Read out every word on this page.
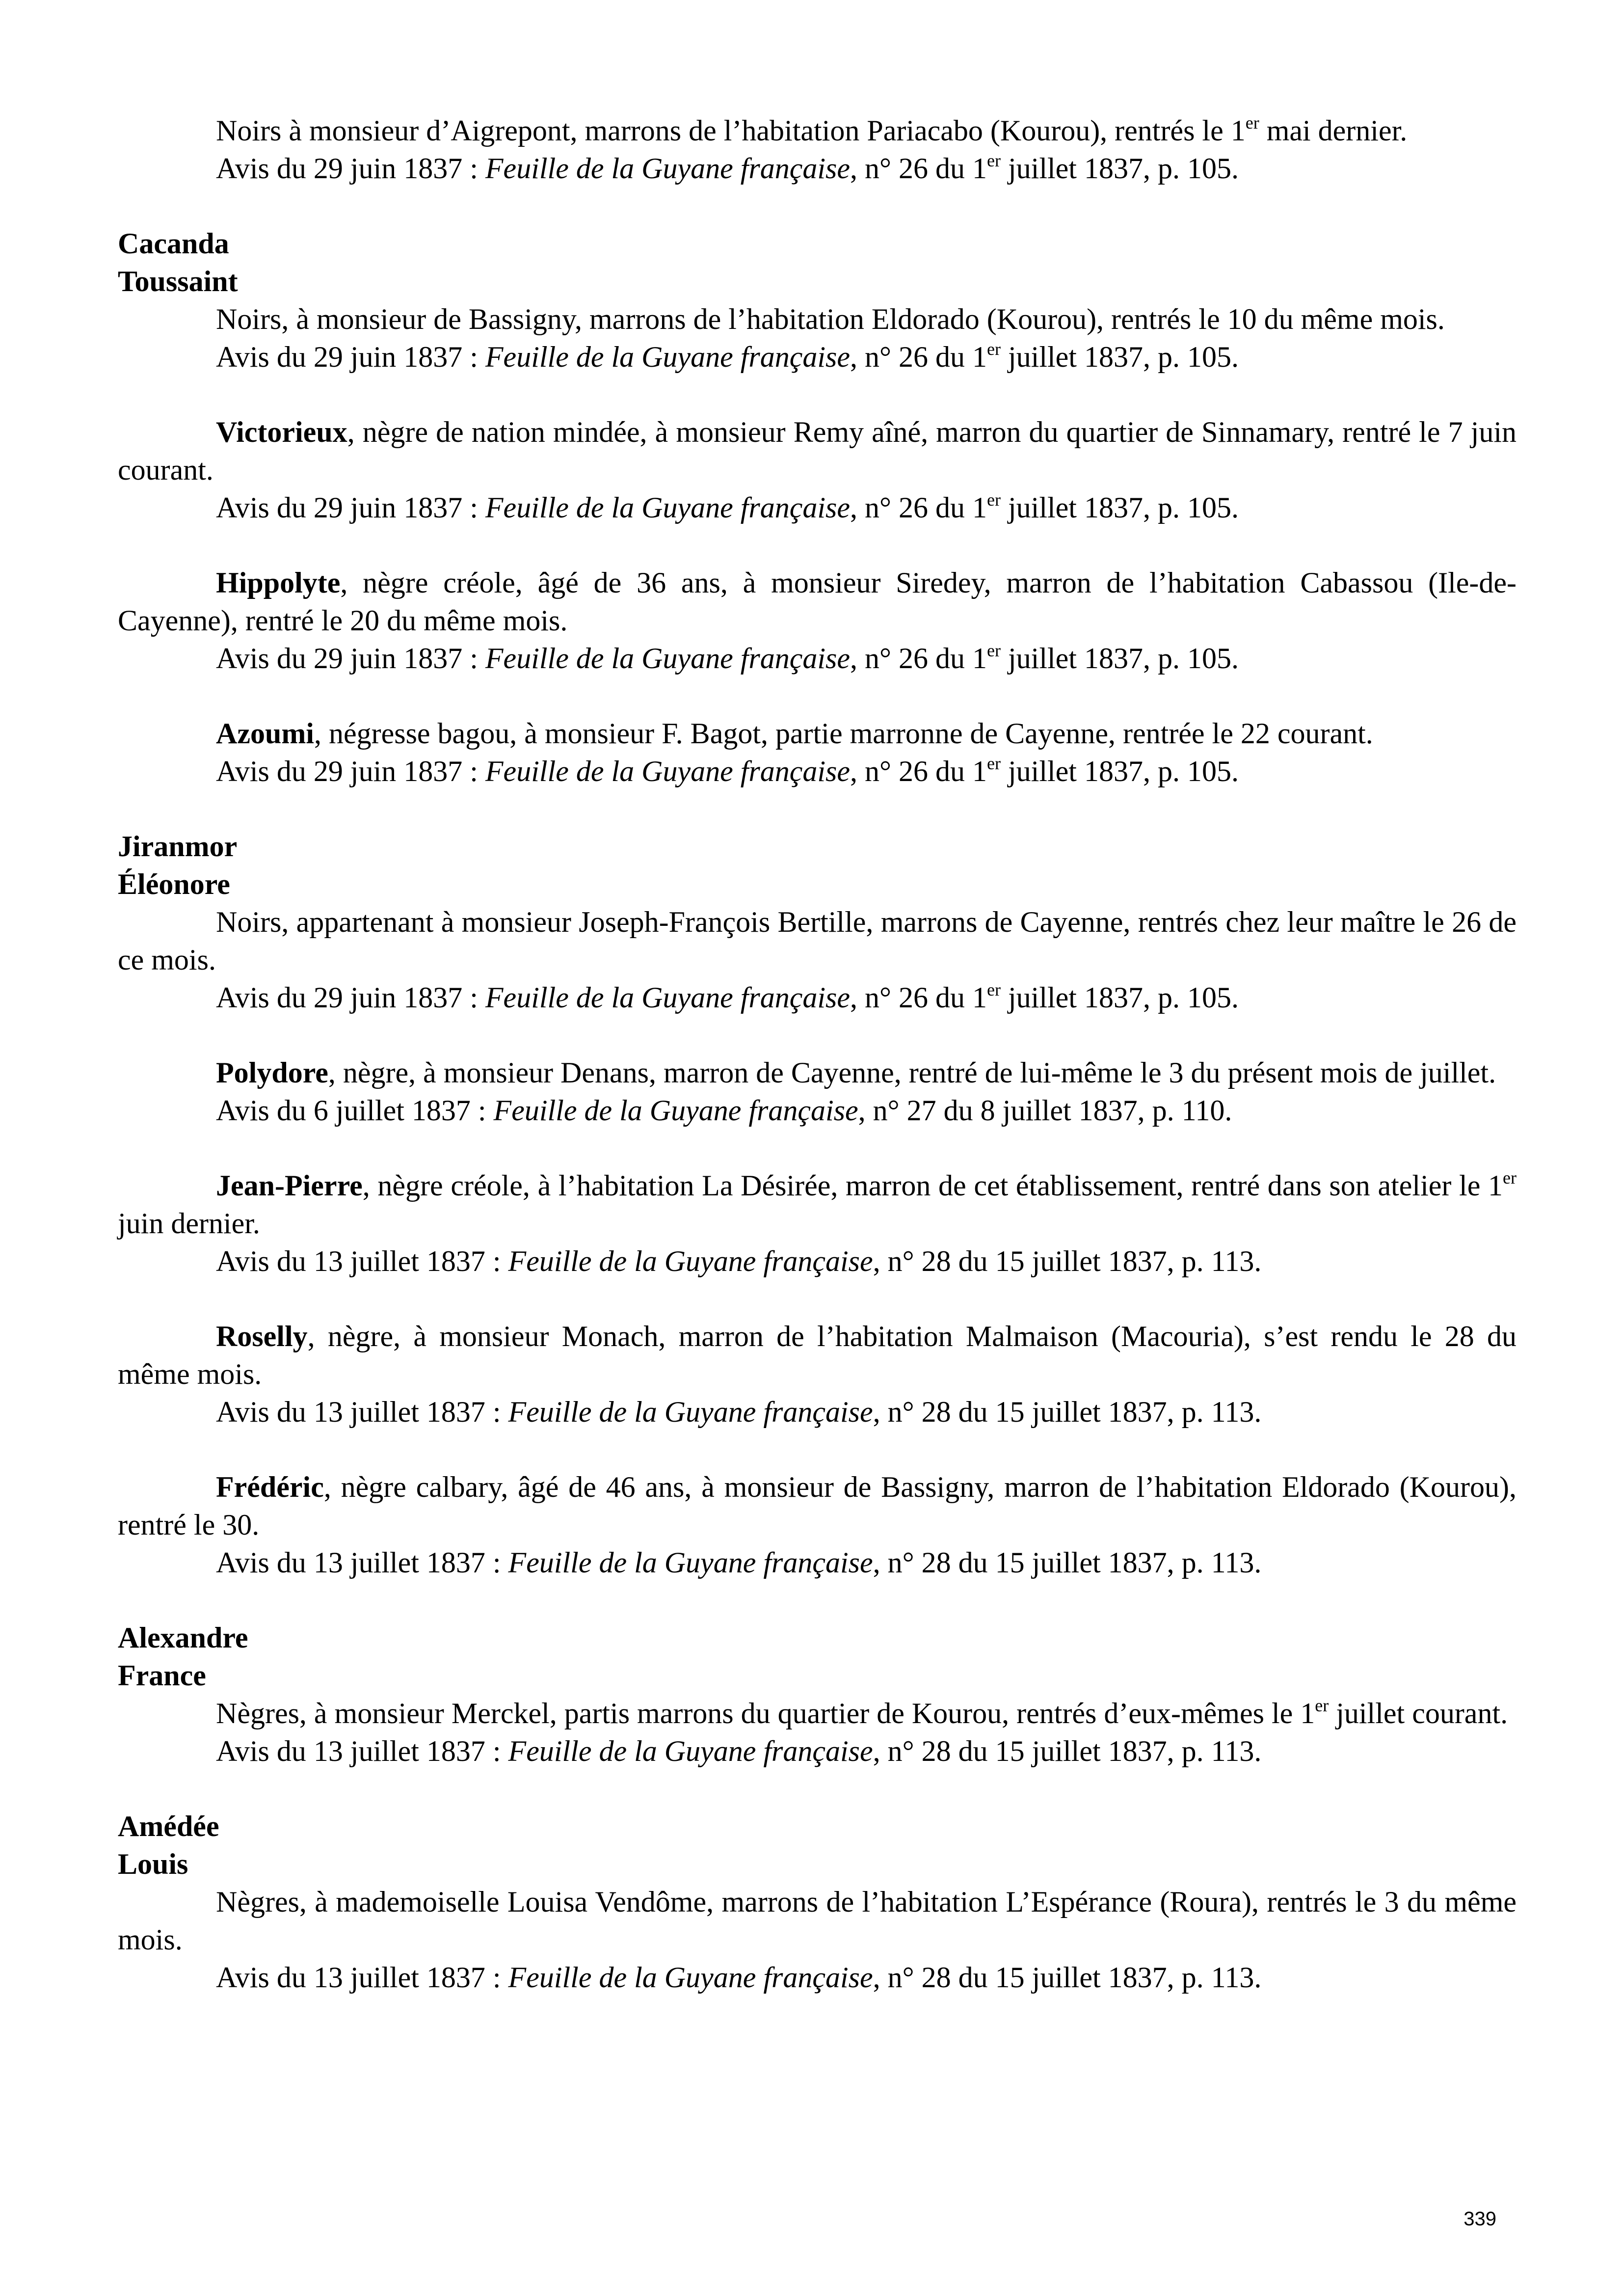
Noirs à monsieur d’Aigrepont, marrons de l’habitation Pariacabo (Kourou), rentrés le 1er mai dernier.

Avis du 29 juin 1837 : Feuille de la Guyane française, n° 26 du 1er juillet 1837, p. 105.

Cacanda

Toussaint

Noirs, à monsieur de Bassigny, marrons de l’habitation Eldorado (Kourou), rentrés le 10 du même mois.

Avis du 29 juin 1837 : Feuille de la Guyane française, n° 26 du 1er juillet 1837, p. 105.

Victorieux, nègre de nation mindée, à monsieur Remy aîné, marron du quartier de Sinnamary, rentré le 7 juin courant.

Avis du 29 juin 1837 : Feuille de la Guyane française, n° 26 du 1er juillet 1837, p. 105.

Hippolyte, nègre créole, âgé de 36 ans, à monsieur Siredey, marron de l’habitation Cabassou (Ile-de-Cayenne), rentré le 20 du même mois.

Avis du 29 juin 1837 : Feuille de la Guyane française, n° 26 du 1er juillet 1837, p. 105.

Azoumi, négresse bagou, à monsieur F. Bagot, partie marronne de Cayenne, rentrée le 22 courant.

Avis du 29 juin 1837 : Feuille de la Guyane française, n° 26 du 1er juillet 1837, p. 105.

Jiranmor

Éléonore

Noirs, appartenant à monsieur Joseph-François Bertille, marrons de Cayenne, rentrés chez leur maître le 26 de ce mois.

Avis du 29 juin 1837 : Feuille de la Guyane française, n° 26 du 1er juillet 1837, p. 105.

Polydore, nègre, à monsieur Denans, marron de Cayenne, rentré de lui-même le 3 du présent mois de juillet.

Avis du 6 juillet 1837 : Feuille de la Guyane française, n° 27 du 8 juillet 1837, p. 110.

Jean-Pierre, nègre créole, à l’habitation La Désirée, marron de cet établissement, rentré dans son atelier le 1er juin dernier.

Avis du 13 juillet 1837 : Feuille de la Guyane française, n° 28 du 15 juillet 1837, p. 113.

Roselly, nègre, à monsieur Monach, marron de l’habitation Malmaison (Macouria), s’est rendu le 28 du même mois.

Avis du 13 juillet 1837 : Feuille de la Guyane française, n° 28 du 15 juillet 1837, p. 113.

Frédéric, nègre calbary, âgé de 46 ans, à monsieur de Bassigny, marron de l’habitation Eldorado (Kourou), rentré le 30.

Avis du 13 juillet 1837 : Feuille de la Guyane française, n° 28 du 15 juillet 1837, p. 113.

Alexandre

France

Nègres, à monsieur Merckel, partis marrons du quartier de Kourou, rentrés d’eux-mêmes le 1er juillet courant.

Avis du 13 juillet 1837 : Feuille de la Guyane française, n° 28 du 15 juillet 1837, p. 113.

Amédée

Louis

Nègres, à mademoiselle Louisa Vendôme, marrons de l’habitation L’Espérance (Roura), rentrés le 3 du même mois.

Avis du 13 juillet 1837 : Feuille de la Guyane française, n° 28 du 15 juillet 1837, p. 113.

339
